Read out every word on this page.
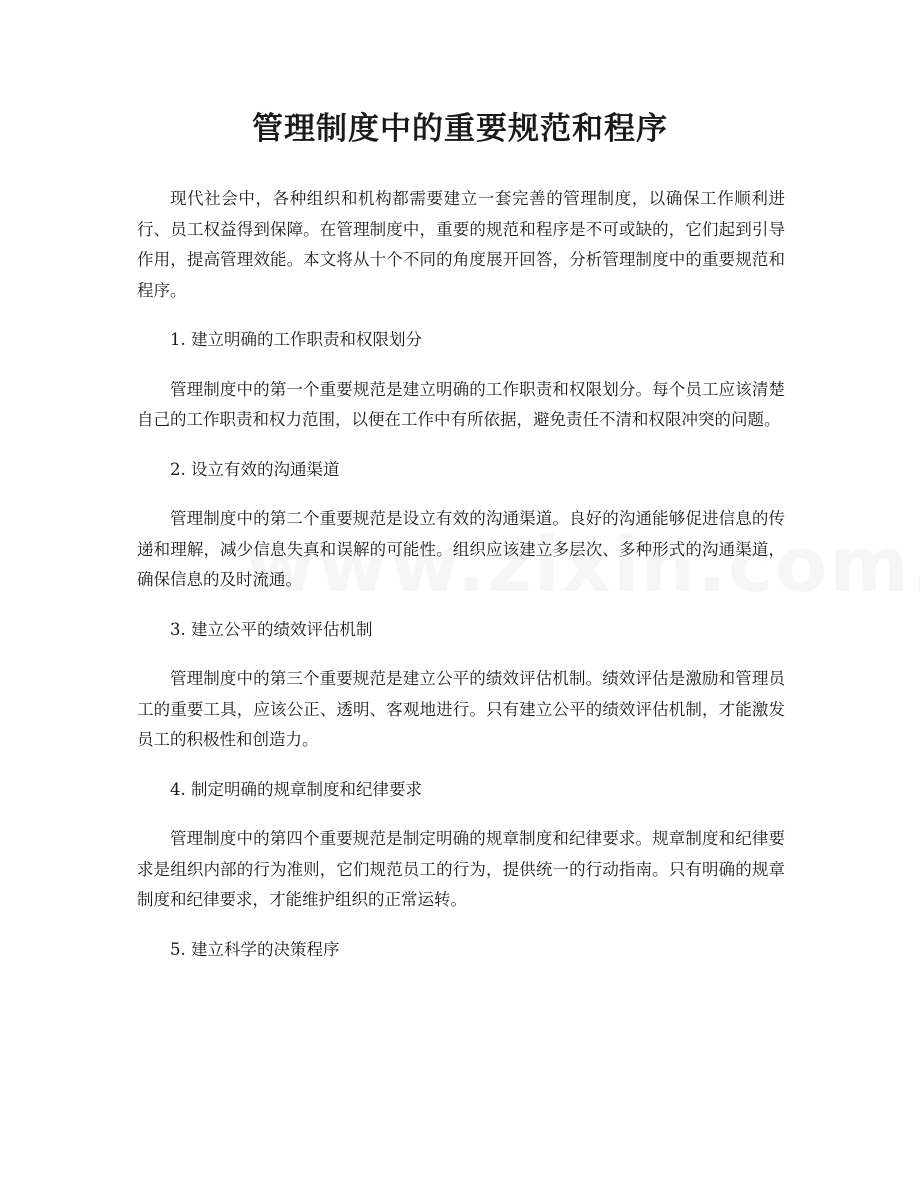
管理制度中的重要规范和程序

现代社会中，各种组织和机构都需要建立一套完善的管理制度，以确保工作顺利进行、员工权益得到保障。在管理制度中，重要的规范和程序是不可或缺的，它们起到引导作用，提高管理效能。本文将从十个不同的角度展开回答，分析管理制度中的重要规范和程序。

1. 建立明确的工作职责和权限划分

管理制度中的第一个重要规范是建立明确的工作职责和权限划分。每个员工应该清楚自己的工作职责和权力范围，以便在工作中有所依据，避免责任不清和权限冲突的问题。

2. 设立有效的沟通渠道

管理制度中的第二个重要规范是设立有效的沟通渠道。良好的沟通能够促进信息的传递和理解，减少信息失真和误解的可能性。组织应该建立多层次、多种形式的沟通渠道，确保信息的及时流通。

3. 建立公平的绩效评估机制

管理制度中的第三个重要规范是建立公平的绩效评估机制。绩效评估是激励和管理员工的重要工具，应该公正、透明、客观地进行。只有建立公平的绩效评估机制，才能激发员工的积极性和创造力。

4. 制定明确的规章制度和纪律要求

管理制度中的第四个重要规范是制定明确的规章制度和纪律要求。规章制度和纪律要求是组织内部的行为准则，它们规范员工的行为，提供统一的行动指南。只有明确的规章制度和纪律要求，才能维护组织的正常运转。

5. 建立科学的决策程序
